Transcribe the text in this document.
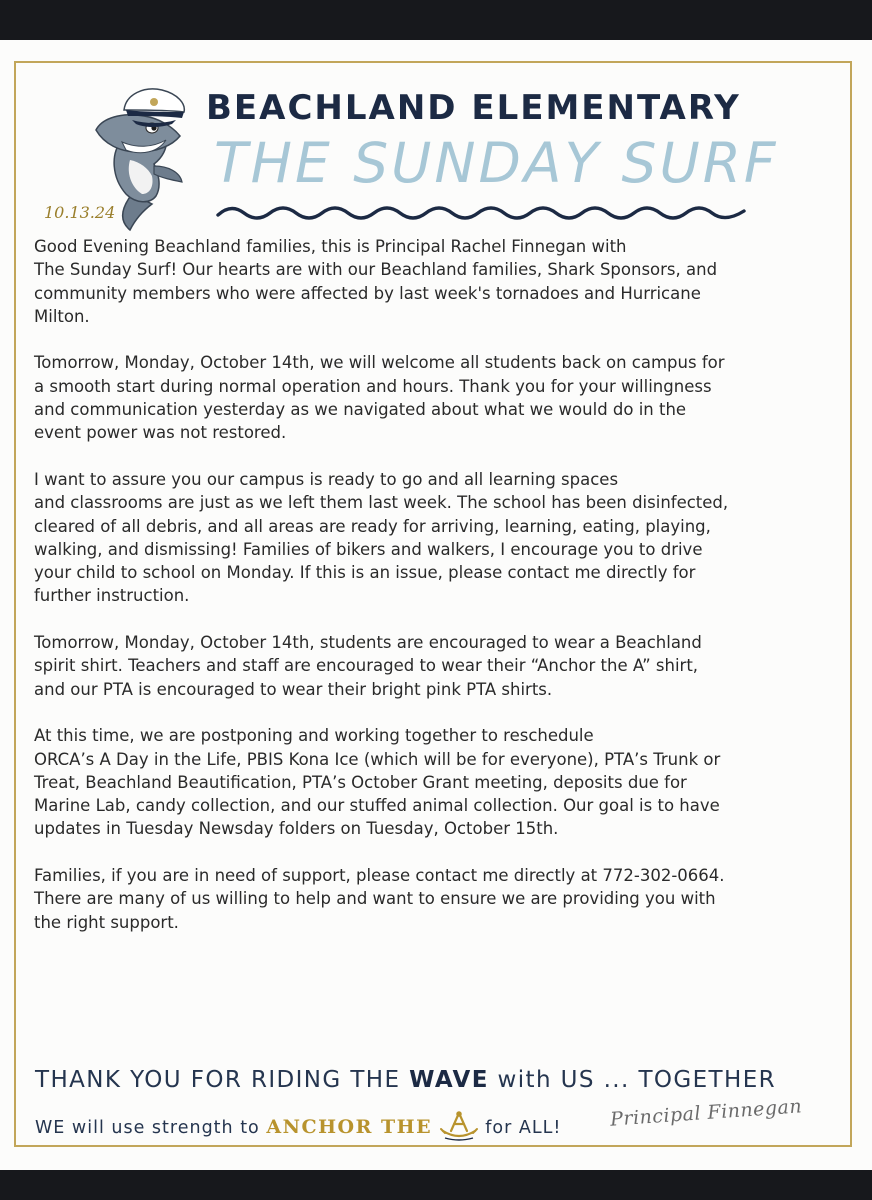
BEACHLAND ELEMENTARY
THE SUNDAY SURF
10.13.24

Good Evening Beachland families, this is Principal Rachel Finnegan with
The Sunday Surf! Our hearts are with our Beachland families, Shark Sponsors, and
community members who were affected by last week's tornadoes and Hurricane
Milton.

Tomorrow, Monday, October 14th, we will welcome all students back on campus for
a smooth start during normal operation and hours. Thank you for your willingness
and communication yesterday as we navigated about what we would do in the
event power was not restored.

I want to assure you our campus is ready to go and all learning spaces
and classrooms are just as we left them last week. The school has been disinfected,
cleared of all debris, and all areas are ready for arriving, learning, eating, playing,
walking, and dismissing! Families of bikers and walkers, I encourage you to drive
your child to school on Monday. If this is an issue, please contact me directly for
further instruction.

Tomorrow, Monday, October 14th, students are encouraged to wear a Beachland
spirit shirt. Teachers and staff are encouraged to wear their “Anchor the A” shirt,
and our PTA is encouraged to wear their bright pink PTA shirts.

At this time, we are postponing and working together to reschedule
ORCA’s A Day in the Life, PBIS Kona Ice (which will be for everyone), PTA’s Trunk or
Treat, Beachland Beautification, PTA’s October Grant meeting, deposits due for
Marine Lab, candy collection, and our stuffed animal collection. Our goal is to have
updates in Tuesday Newsday folders on Tuesday, October 15th.

Families, if you are in need of support, please contact me directly at 772-302-0664.
There are many of us willing to help and want to ensure we are providing you with
the right support.

THANK YOU FOR RIDING THE WAVE with US ... TOGETHER
WE will use strength to ANCHOR THE	for ALL!	Principal Finnegan
